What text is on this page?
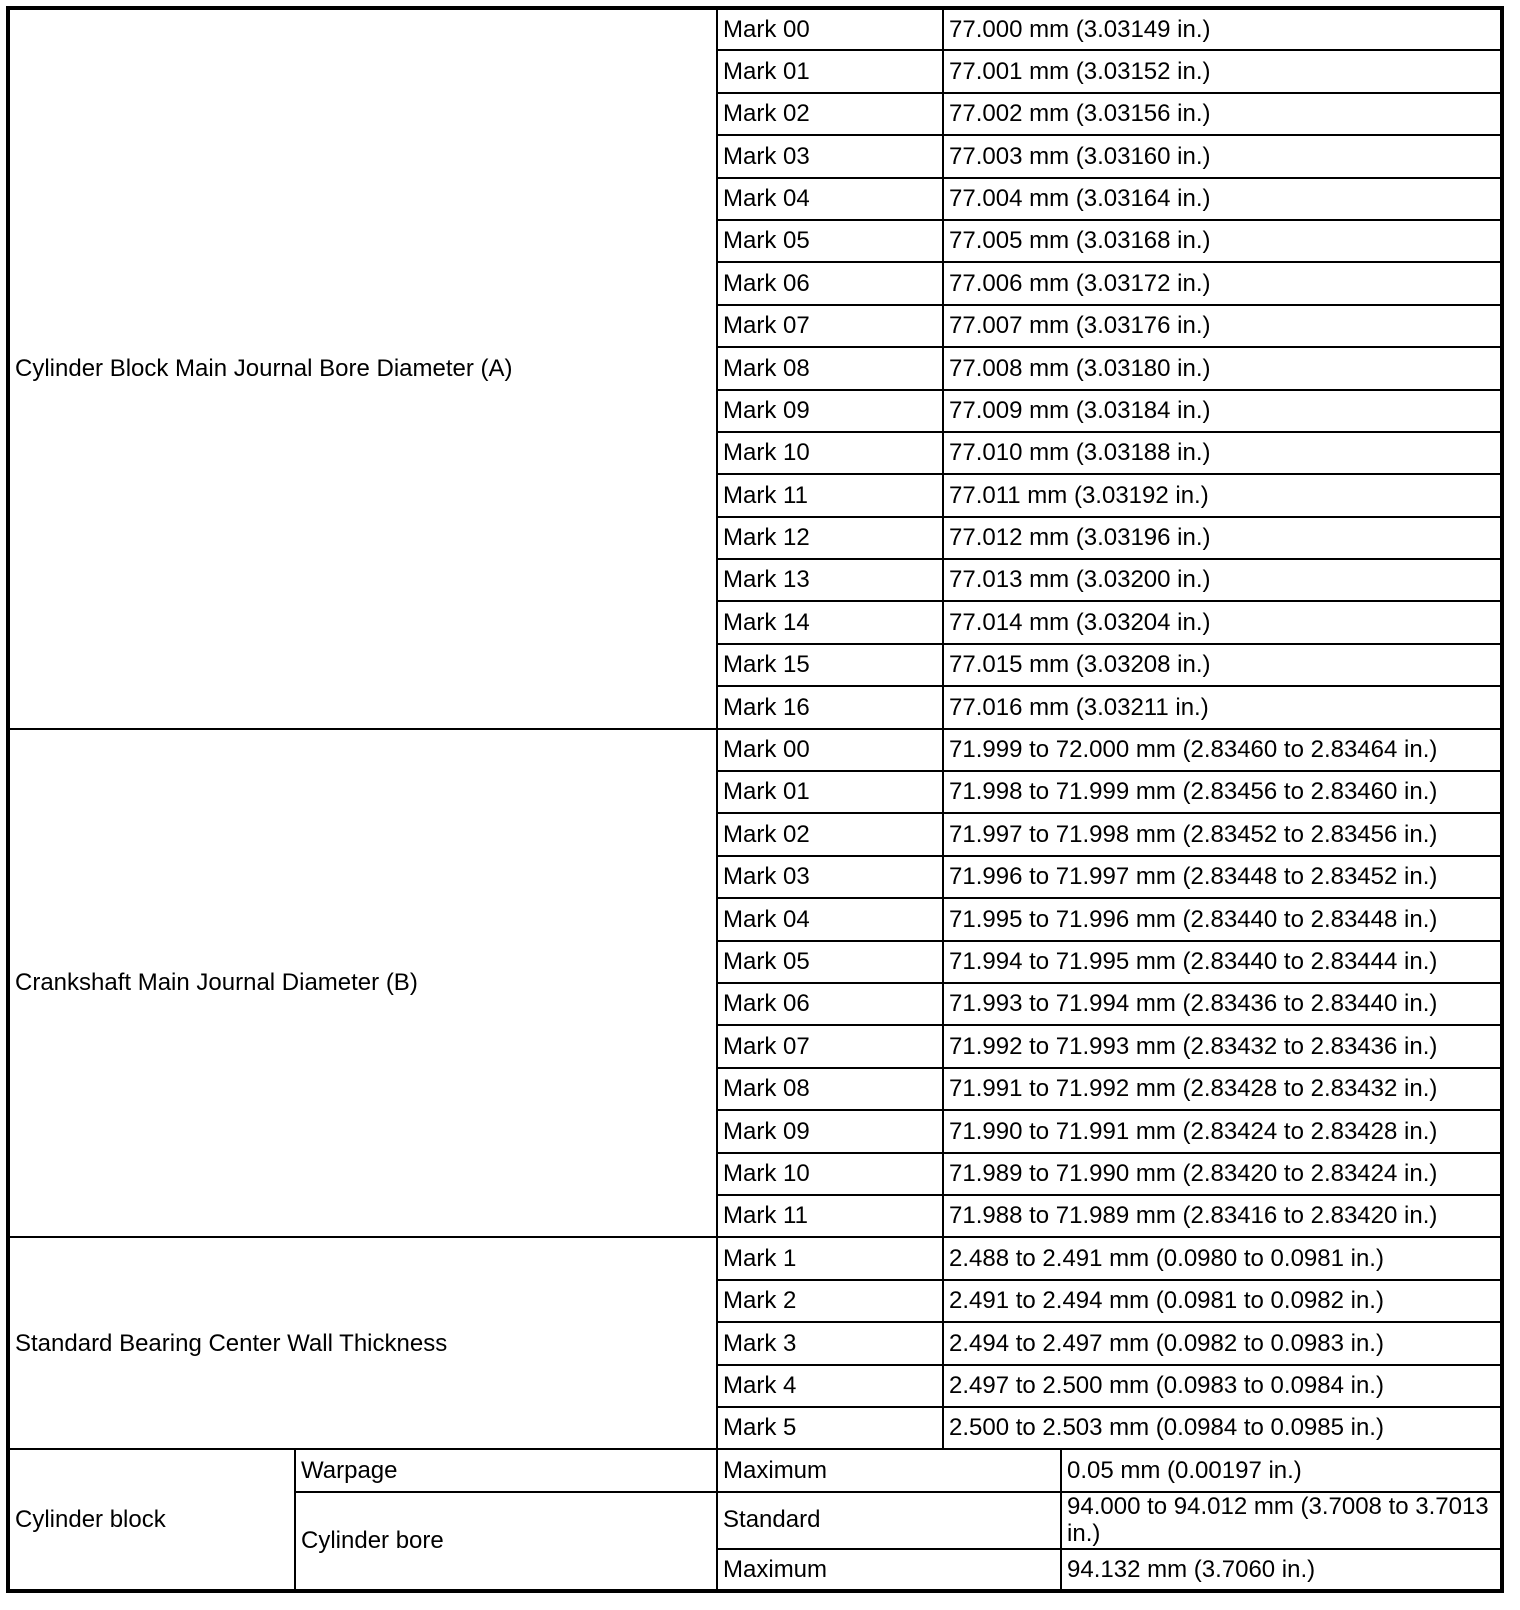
Cylinder Block Main Journal Bore Diameter (A)		Mark 00	77.000 mm (3.03149 in.)	
		Mark 01	77.001 mm (3.03152 in.)	
		Mark 02	77.002 mm (3.03156 in.)	
		Mark 03	77.003 mm (3.03160 in.)	
		Mark 04	77.004 mm (3.03164 in.)	
		Mark 05	77.005 mm (3.03168 in.)	
		Mark 06	77.006 mm (3.03172 in.)	
		Mark 07	77.007 mm (3.03176 in.)	
		Mark 08	77.008 mm (3.03180 in.)	
		Mark 09	77.009 mm (3.03184 in.)	
		Mark 10	77.010 mm (3.03188 in.)	
		Mark 11	77.011 mm (3.03192 in.)	
		Mark 12	77.012 mm (3.03196 in.)	
		Mark 13	77.013 mm (3.03200 in.)	
		Mark 14	77.014 mm (3.03204 in.)	
		Mark 15	77.015 mm (3.03208 in.)	
		Mark 16	77.016 mm (3.03211 in.)	
Crankshaft Main Journal Diameter (B)		Mark 00	71.999 to 72.000 mm (2.83460 to 2.83464 in.)	
		Mark 01	71.998 to 71.999 mm (2.83456 to 2.83460 in.)	
		Mark 02	71.997 to 71.998 mm (2.83452 to 2.83456 in.)	
		Mark 03	71.996 to 71.997 mm (2.83448 to 2.83452 in.)	
		Mark 04	71.995 to 71.996 mm (2.83440 to 2.83448 in.)	
		Mark 05	71.994 to 71.995 mm (2.83440 to 2.83444 in.)	
		Mark 06	71.993 to 71.994 mm (2.83436 to 2.83440 in.)	
		Mark 07	71.992 to 71.993 mm (2.83432 to 2.83436 in.)	
		Mark 08	71.991 to 71.992 mm (2.83428 to 2.83432 in.)	
		Mark 09	71.990 to 71.991 mm (2.83424 to 2.83428 in.)	
		Mark 10	71.989 to 71.990 mm (2.83420 to 2.83424 in.)	
		Mark 11	71.988 to 71.989 mm (2.83416 to 2.83420 in.)	
Standard Bearing Center Wall Thickness		Mark 1	2.488 to 2.491 mm (0.0980 to 0.0981 in.)	
		Mark 2	2.491 to 2.494 mm (0.0981 to 0.0982 in.)	
		Mark 3	2.494 to 2.497 mm (0.0982 to 0.0983 in.)	
		Mark 4	2.497 to 2.500 mm (0.0983 to 0.0984 in.)	
		Mark 5	2.500 to 2.503 mm (0.0984 to 0.0985 in.)	
Cylinder block	Warpage	Maximum		0.05 mm (0.00197 in.)
	Cylinder bore	Standard		94.000 to 94.012 mm (3.7008 to 3.7013 in.)
		Maximum		94.132 mm (3.7060 in.)
